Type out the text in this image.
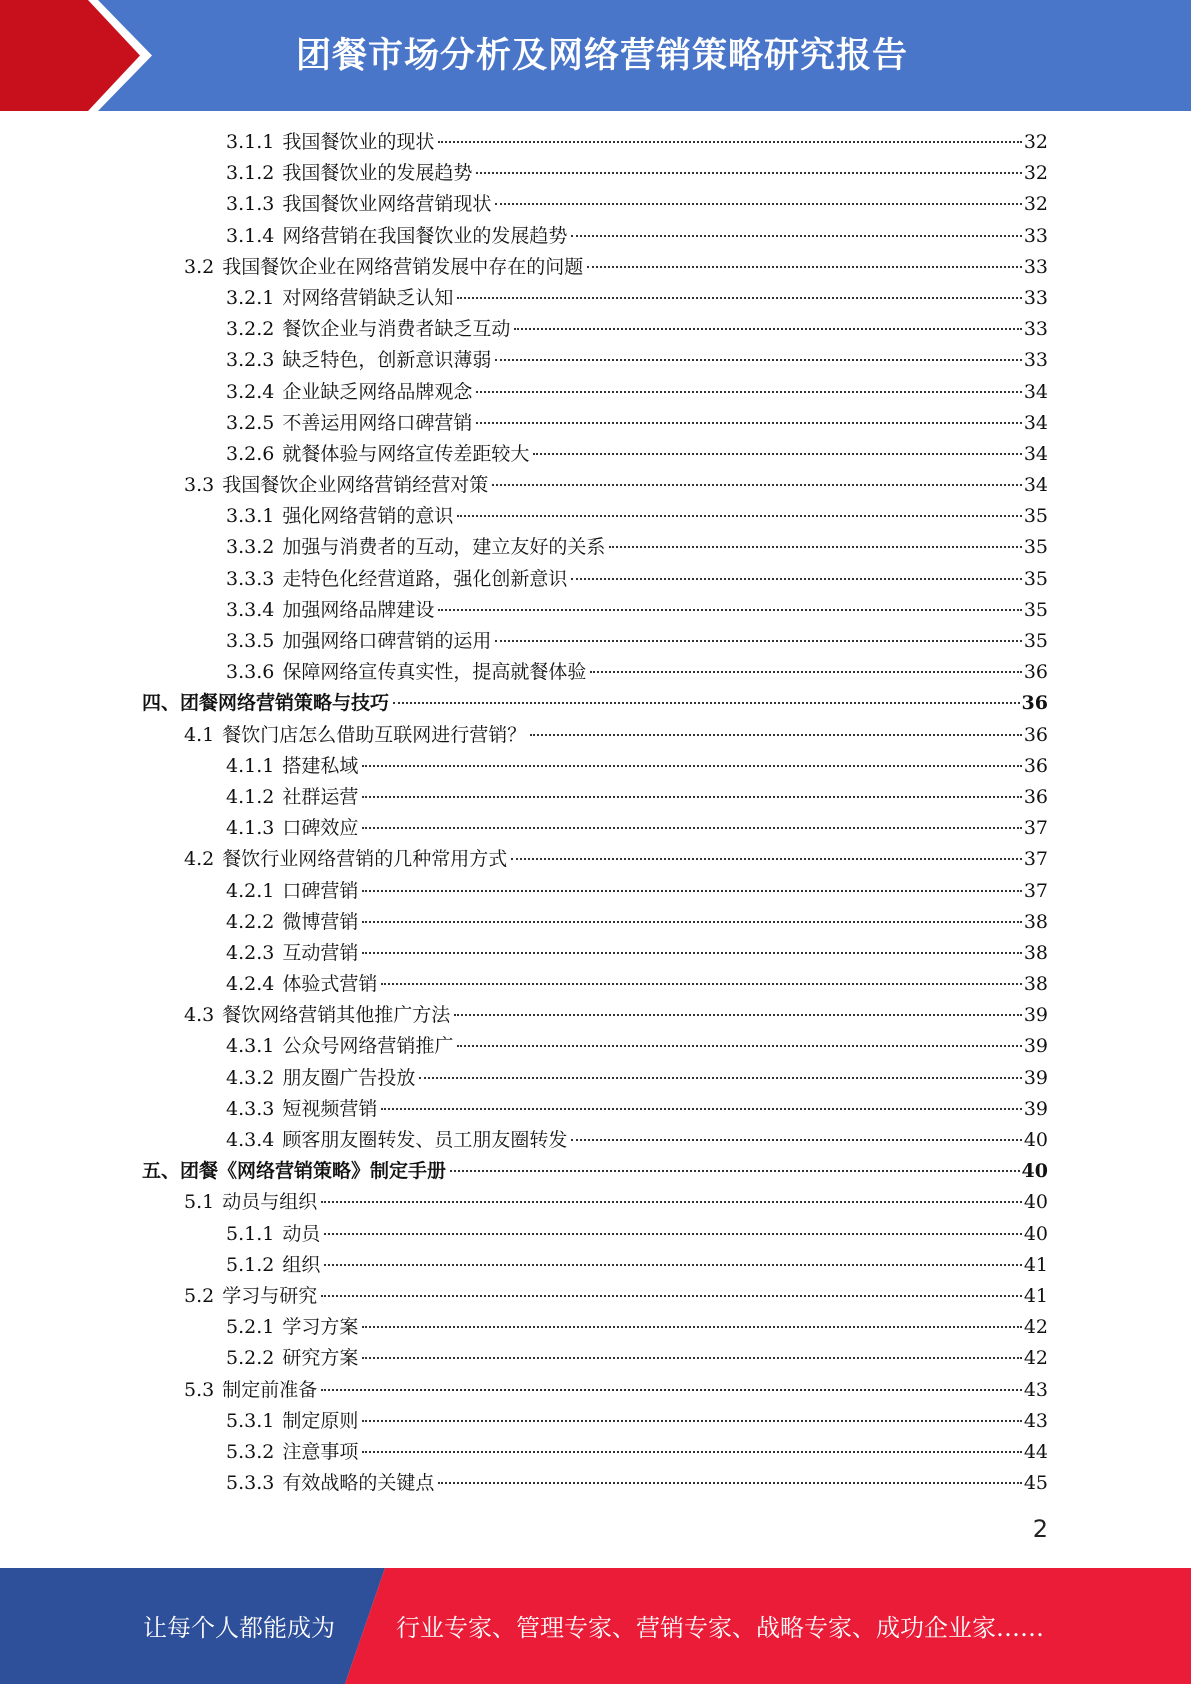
团餐市场分析及网络营销策略研究报告
3.1.1 我国餐饮业的现状	32
3.1.2 我国餐饮业的发展趋势	32
3.1.3 我国餐饮业网络营销现状	32
3.1.4 网络营销在我国餐饮业的发展趋势	33
3.2 我国餐饮企业在网络营销发展中存在的问题	33
3.2.1 对网络营销缺乏认知	33
3.2.2 餐饮企业与消费者缺乏互动	33
3.2.3 缺乏特色，创新意识薄弱	33
3.2.4 企业缺乏网络品牌观念	34
3.2.5 不善运用网络口碑营销	34
3.2.6 就餐体验与网络宣传差距较大	34
3.3 我国餐饮企业网络营销经营对策	34
3.3.1 强化网络营销的意识	35
3.3.2 加强与消费者的互动，建立友好的关系	35
3.3.3 走特色化经营道路，强化创新意识	35
3.3.4 加强网络品牌建设	35
3.3.5 加强网络口碑营销的运用	35
3.3.6 保障网络宣传真实性，提高就餐体验	36
四、 团餐网络营销策略与技巧	36
4.1 餐饮门店怎么借助互联网进行营销？	36
4.1.1 搭建私域	36
4.1.2 社群运营	36
4.1.3 口碑效应	37
4.2 餐饮行业网络营销的几种常用方式	37
4.2.1 口碑营销	37
4.2.2 微博营销	38
4.2.3 互动营销	38
4.2.4 体验式营销	38
4.3 餐饮网络营销其他推广方法	39
4.3.1 公众号网络营销推广	39
4.3.2 朋友圈广告投放	39
4.3.3 短视频营销	39
4.3.4 顾客朋友圈转发、员工朋友圈转发	40
五、 团餐《网络营销策略》制定手册	40
5.1 动员与组织	40
5.1.1 动员	40
5.1.2 组织	41
5.2 学习与研究	41
5.2.1 学习方案	42
5.2.2 研究方案	42
5.3 制定前准备	43
5.3.1 制定原则	43
5.3.2 注意事项	44
5.3.3 有效战略的关键点	45
2
让每个人都能成为	行业专家、管理专家、营销专家、战略专家、成功企业家……
